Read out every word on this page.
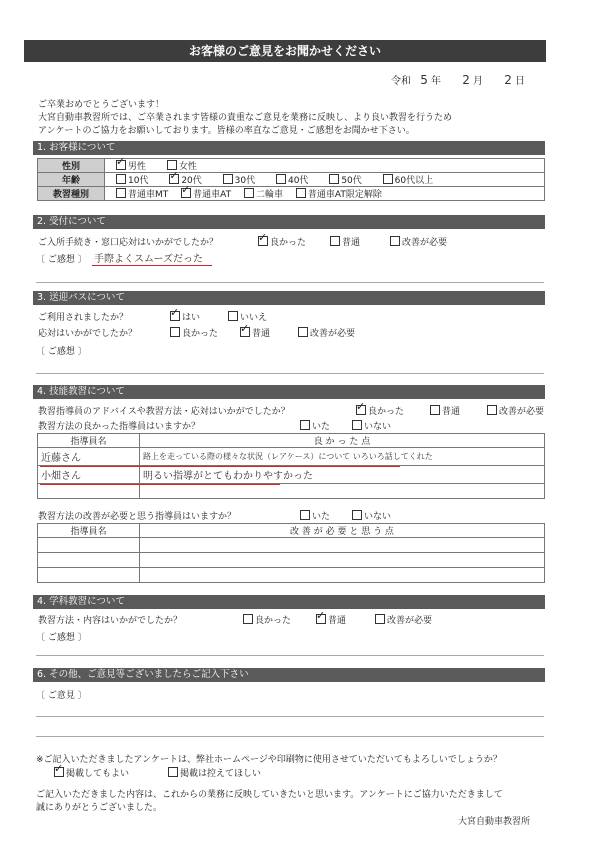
お客様のご意見をお聞かせください
令和 5 年 2 月 2 日
ご卒業おめでとうございます！
大宮自動車教習所では、ご卒業されます皆様の貴重なご意見を業務に反映し、より良い教習を行うため
アンケートのご協力をお願いしております。皆様の率直なご意見・ご感想をお聞かせ下さい。
1. お客様について
性別	✓男性 女性
年齢	10代 ✓ 20代 30代 40代 50代 60代以上
教習種別	普通車MT ✓ 普通車AT 二輪車 普通車AT限定解除
2. 受付について
ご入所手続き・窓口応対はいかがでしたか？ ✓	良かった	普通	改善が必要
〔 ご感想 〕 手際よくスムーズだった
3. 送迎バスについて
ご利用されましたか？ ✓	はい	いいえ
応対はいかがでしたか？	良かった ✓	普通	改善が必要
〔 ご感想 〕
4. 技能教習について
教習指導員のアドバイスや教習方法・応対はいかがでしたか？ ✓	良かった	普通	改善が必要
教習方法の良かった指導員はいますか？	いた	いない
指導員名	良 か っ た 点
近藤さん	路上を走っている際の様々な状況（レアケース）について いろいろ話してくれた
小畑さん	明るい指導がとてもわかりやすかった

教習方法の改善が必要と思う指導員はいますか？	いた	いない
指導員名	改 善 が 必 要 と 思 う 点

4. 学科教習について
教習方法・内容はいかがでしたか？	良かった ✓	普通	改善が必要
〔 ご感想 〕
6. その他、ご意見等ございましたらご記入下さい
〔 ご意見 〕
※ご記入いただきましたアンケートは、弊社ホームページや印刷物に使用させていただいてもよろしいでしょうか？
✓掲載してもよい	掲載は控えてほしい
ご記入いただきました内容は、これからの業務に反映していきたいと思います。アンケートにご協力いただきまして
誠にありがとうございました。
大宮自動車教習所
